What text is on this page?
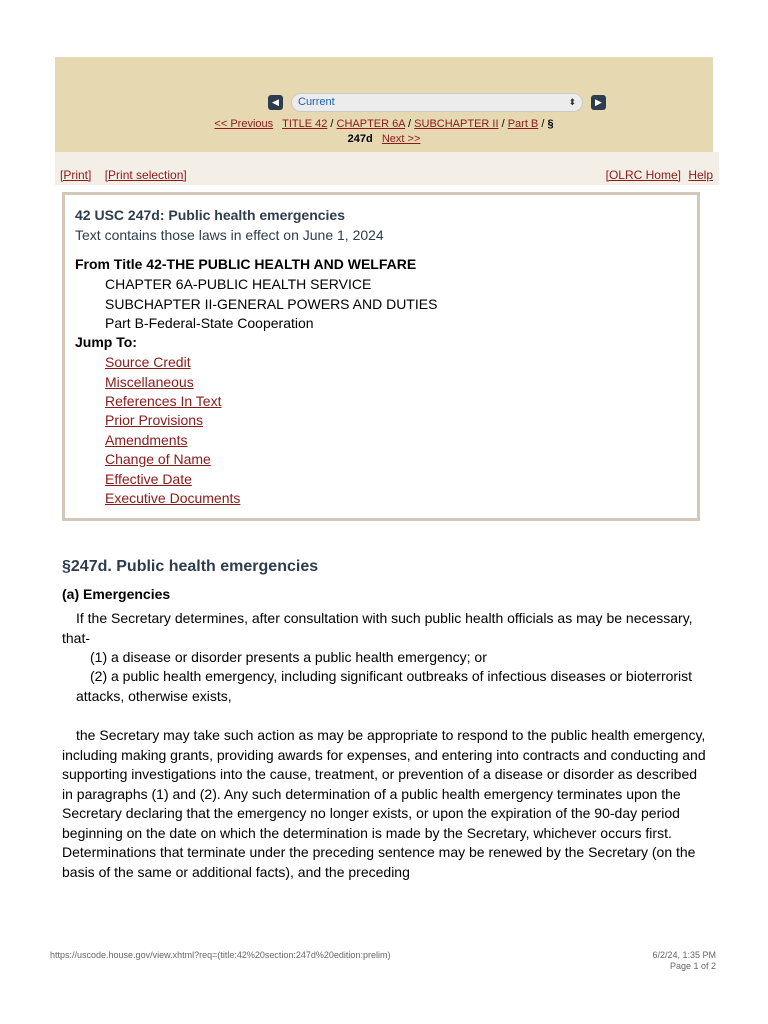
◀ Current	⬍ ▶
<< Previous TITLE 42 / CHAPTER 6A / SUBCHAPTER II / Part B / § 247d Next >>
[Print] [Print selection]	[OLRC Home] Help
42 USC 247d: Public health emergencies
Text contains those laws in effect on June 1, 2024
From Title 42-THE PUBLIC HEALTH AND WELFARE
CHAPTER 6A-PUBLIC HEALTH SERVICE
SUBCHAPTER II-GENERAL POWERS AND DUTIES
Part B-Federal-State Cooperation
Jump To:
Source Credit
Miscellaneous
References In Text
Prior Provisions
Amendments
Change of Name
Effective Date
Executive Documents
§247d. Public health emergencies
(a) Emergencies
If the Secretary determines, after consultation with such public health officials as may be necessary, that-
(1) a disease or disorder presents a public health emergency; or
(2) a public health emergency, including significant outbreaks of infectious diseases or bioterrorist attacks, otherwise exists,
the Secretary may take such action as may be appropriate to respond to the public health emergency, including making grants, providing awards for expenses, and entering into contracts and conducting and supporting investigations into the cause, treatment, or prevention of a disease or disorder as described in paragraphs (1) and (2). Any such determination of a public health emergency terminates upon the Secretary declaring that the emergency no longer exists, or upon the expiration of the 90-day period beginning on the date on which the determination is made by the Secretary, whichever occurs first. Determinations that terminate under the preceding sentence may be renewed by the Secretary (on the basis of the same or additional facts), and the preceding
https://uscode.house.gov/view.xhtml?req=(title:42%20section:247d%20edition:prelim)	6/2/24, 1:35 PM
Page 1 of 2
